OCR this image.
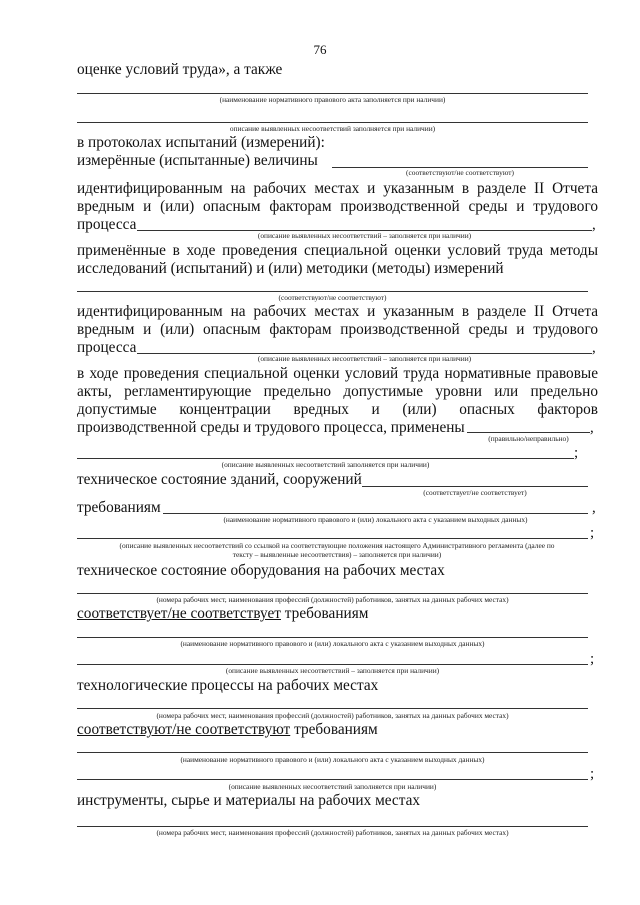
76
оценке условий труда», а также
(наименование нормативного правового акта заполняется при наличии)
описание выявленных несоответствий заполняется при наличии)
в протоколах испытаний (измерений):
измерённые (испытанные) величины
(соответствуют/не соответствуют)
идентифицированным на рабочих местах и указанным в разделе II Отчета
вредным и (или) опасным факторам производственной среды и трудового
процесса	,
(описание выявленных несоответствий – заполняется при наличии)
применённые в ходе проведения специальной оценки условий труда методы
исследований (испытаний) и (или) методики (методы) измерений
(соответствуют/не соответствуют)
идентифицированным на рабочих местах и указанным в разделе II Отчета
вредным и (или) опасным факторам производственной среды и трудового
процесса	,
(описание выявленных несоответствий – заполняется при наличии)
в ходе проведения специальной оценки условий труда нормативные правовые
акты, регламентирующие предельно допустимые уровни или предельно
допустимые концентрации вредных и (или) опасных факторов
производственной среды и трудового процесса, применены	,
(правильно/неправильно)
;
(описание выявленных несоответствий заполняется при наличии)
техническое состояние зданий, сооружений
(соответствует/не соответствует)
требованиям	,
(наименование нормативного правового и (или) локального акта с указанием выходных данных)
;
(описание выявленных несоответствий со ссылкой на соответствующие положения настоящего Административного регламента (далее по
тексту – выявленные несоответствия) – заполняется при наличии)
техническое состояние оборудования на рабочих местах
(номера рабочих мест, наименования профессий (должностей) работников, занятых на данных рабочих местах)
соответствует/не соответствует требованиям
(наименование нормативного правового и (или) локального акта с указанием выходных данных)
;
(описание выявленных несоответствий – заполняется при наличии)
технологические процессы на рабочих местах
(номера рабочих мест, наименования профессий (должностей) работников, занятых на данных рабочих местах)
соответствуют/не соответствуют требованиям
(наименование нормативного правового и (или) локального акта с указанием выходных данных)
;
(описание выявленных несоответствий заполняется при наличии)
инструменты, сырье и материалы на рабочих местах
(номера рабочих мест, наименования профессий (должностей) работников, занятых на данных рабочих местах)
